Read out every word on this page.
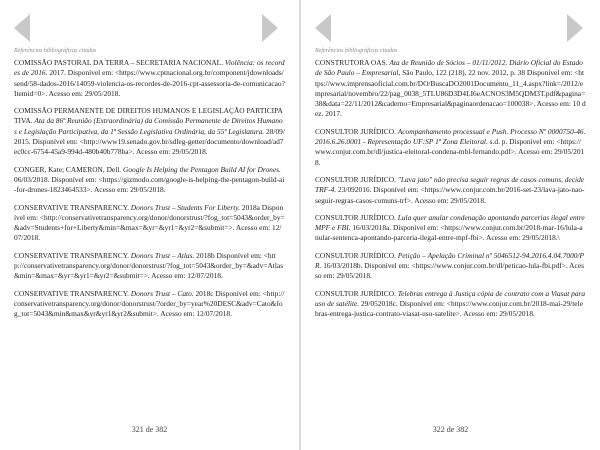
Referências bibliográficas citadas

COMISSÃO PASTORAL DA TERRA – SECRETARIA NACIONAL. Violência: os recordes de 2016. 2017. Disponível em: <https://www.cptnacional.org.br/component/jdownloads/send/58-dados-2016/14059-violencia-os-recordes-de-2016-cpt-assessoria-de-comunicacao?Itemid=0>. Acesso em: 29/05/2018.

COMISSÃO PERMANENTE DE DIREITOS HUMANOS E LEGISLAÇÃO PARTICIPATIVA. Ata da 86ª Reunião (Extraordinária) da Comissão Permanente de Direitos Humanos e Legislação Participativa, da 1ª Sessão Legislativa Ordinária, da 55ª Legislatura. 28/09/2015. Disponível em: <http://www19.senado.gov.br/sdleg-getter/documento/download/ad7ec0cc-6754-45a9-994d-480b40b778ba>. Acesso em: 29/05/2018.

CONGER, Kate; CAMERON, Dell. Google Is Helping the Pentagon Build AI for Drones. 06/03/2018. Disponível em: <https://gizmodo.com/google-is-helping-the-pentagon-build-ai-for-drones-1823464533>. Acesso em: 29/05/2018.

CONSERVATIVE TRANSPARENCY. Donors Trust – Students For Liberty. 2018a Disponível em: <http://conservativetransparency.org/donor/donorstrust/?fog_tot=5043&order_by=&adv=Students+for+Liberty&min=&max=&yr=&yr1=&yr2=&submit=>. Acesso em: 12/07/2018.

CONSERVATIVE TRANSPARENCY. Donors Trust – Atlas. 2018b Disponível em: <http://conservativetransparency.org/donor/donorstrust/?fog_tot=5043&order_by=&adv=Atlas&min=&max=&yr=&yr1=&yr2=&submit=>. Acesso em: 12/07/2018.

CONSERVATIVE TRANSPARENCY. Donors Trust – Cato. 2018c Disponível em: <http://conservativetransparency.org/donor/donorstrust/?order_by=year%20DESC&adv=Cato&fog_tot=5043&min&max&yr&yr1&yr2&submit>. Acesso em: 12/07/2018.

321 de 382
Referências bibliográficas citadas

CONSTRUTORA OAS. Ata de Reunião de Sócios – 01/11/2012. Diário Oficial do Estado de São Paulo – Empresarial, São Paulo, 122 (218), 22 nov. 2012, p. 38 Disponível em: <https://www.imprensaoficial.com.br/DO/BuscaDO2001Documento_11_4.aspx?link=/2012/empresarial/novembro/22/pag_0038_5TLU86D3D4LI6eACNOS3M5QDM3T.pdf&pagina=38&data=22/11/2012&caderno=Empresarial&paginaordenacao=100038>. Acesso em: 10 dez. 2017.

CONSULTOR JURÍDICO. Acompanhamento processual e Push. Processo Nº 0000750-46.2016.6.26.0001 - Representação UF:SP 1ª Zona Eleitoral. s.d. p. Disponível em: <https://www.conjur.com.br/dl/justica-eleitoral-condena-mbl-fernando.pdf>. Acesso em: 29/05/2018.

CONSULTOR JURÍDICO. "Lava jato" não precisa seguir regras de casos comuns, decide TRF-4. 23/092016. Disponível em: <https://www.conjur.com.br/2016-set-23/lava-jato-nao-seguir-regras-casos-comuns-trf>. Acesso em: 29/05/2018.

CONSULTOR JURÍDICO. Lula quer anular condenação apontando parcerias ilegal entre MPF e FBI. 16/03/2018a. Disponível em: <https://www.conjur.com.br/2018-mar-16/lula-anular-sentenca-apontando-parceria-ilegal-entre-mpf-fbi>. Acesso em: 29/05/2018.\

CONSULTOR JURÍDICO. Petição – Apelação Criminal nº 5046512-94.2016.4.04.7000/PR. 16/03/2018b. Disponível em: <https://www.conjur.com.br/dl/peticao-lula-fbi.pdf>. Acesso em: 29/05/2018.

CONSULTOR JURÍDICO. Telebras entrega à Justiça cópia de contrato com a Viasat para uso de satélite. 29/052018c. Disponível em: <https://www.conjur.com.br/2018-mai-29/telebras-entrega-justica-contrato-viasat-uso-satelite>. Acesso em: 29/05/2018.

322 de 382
